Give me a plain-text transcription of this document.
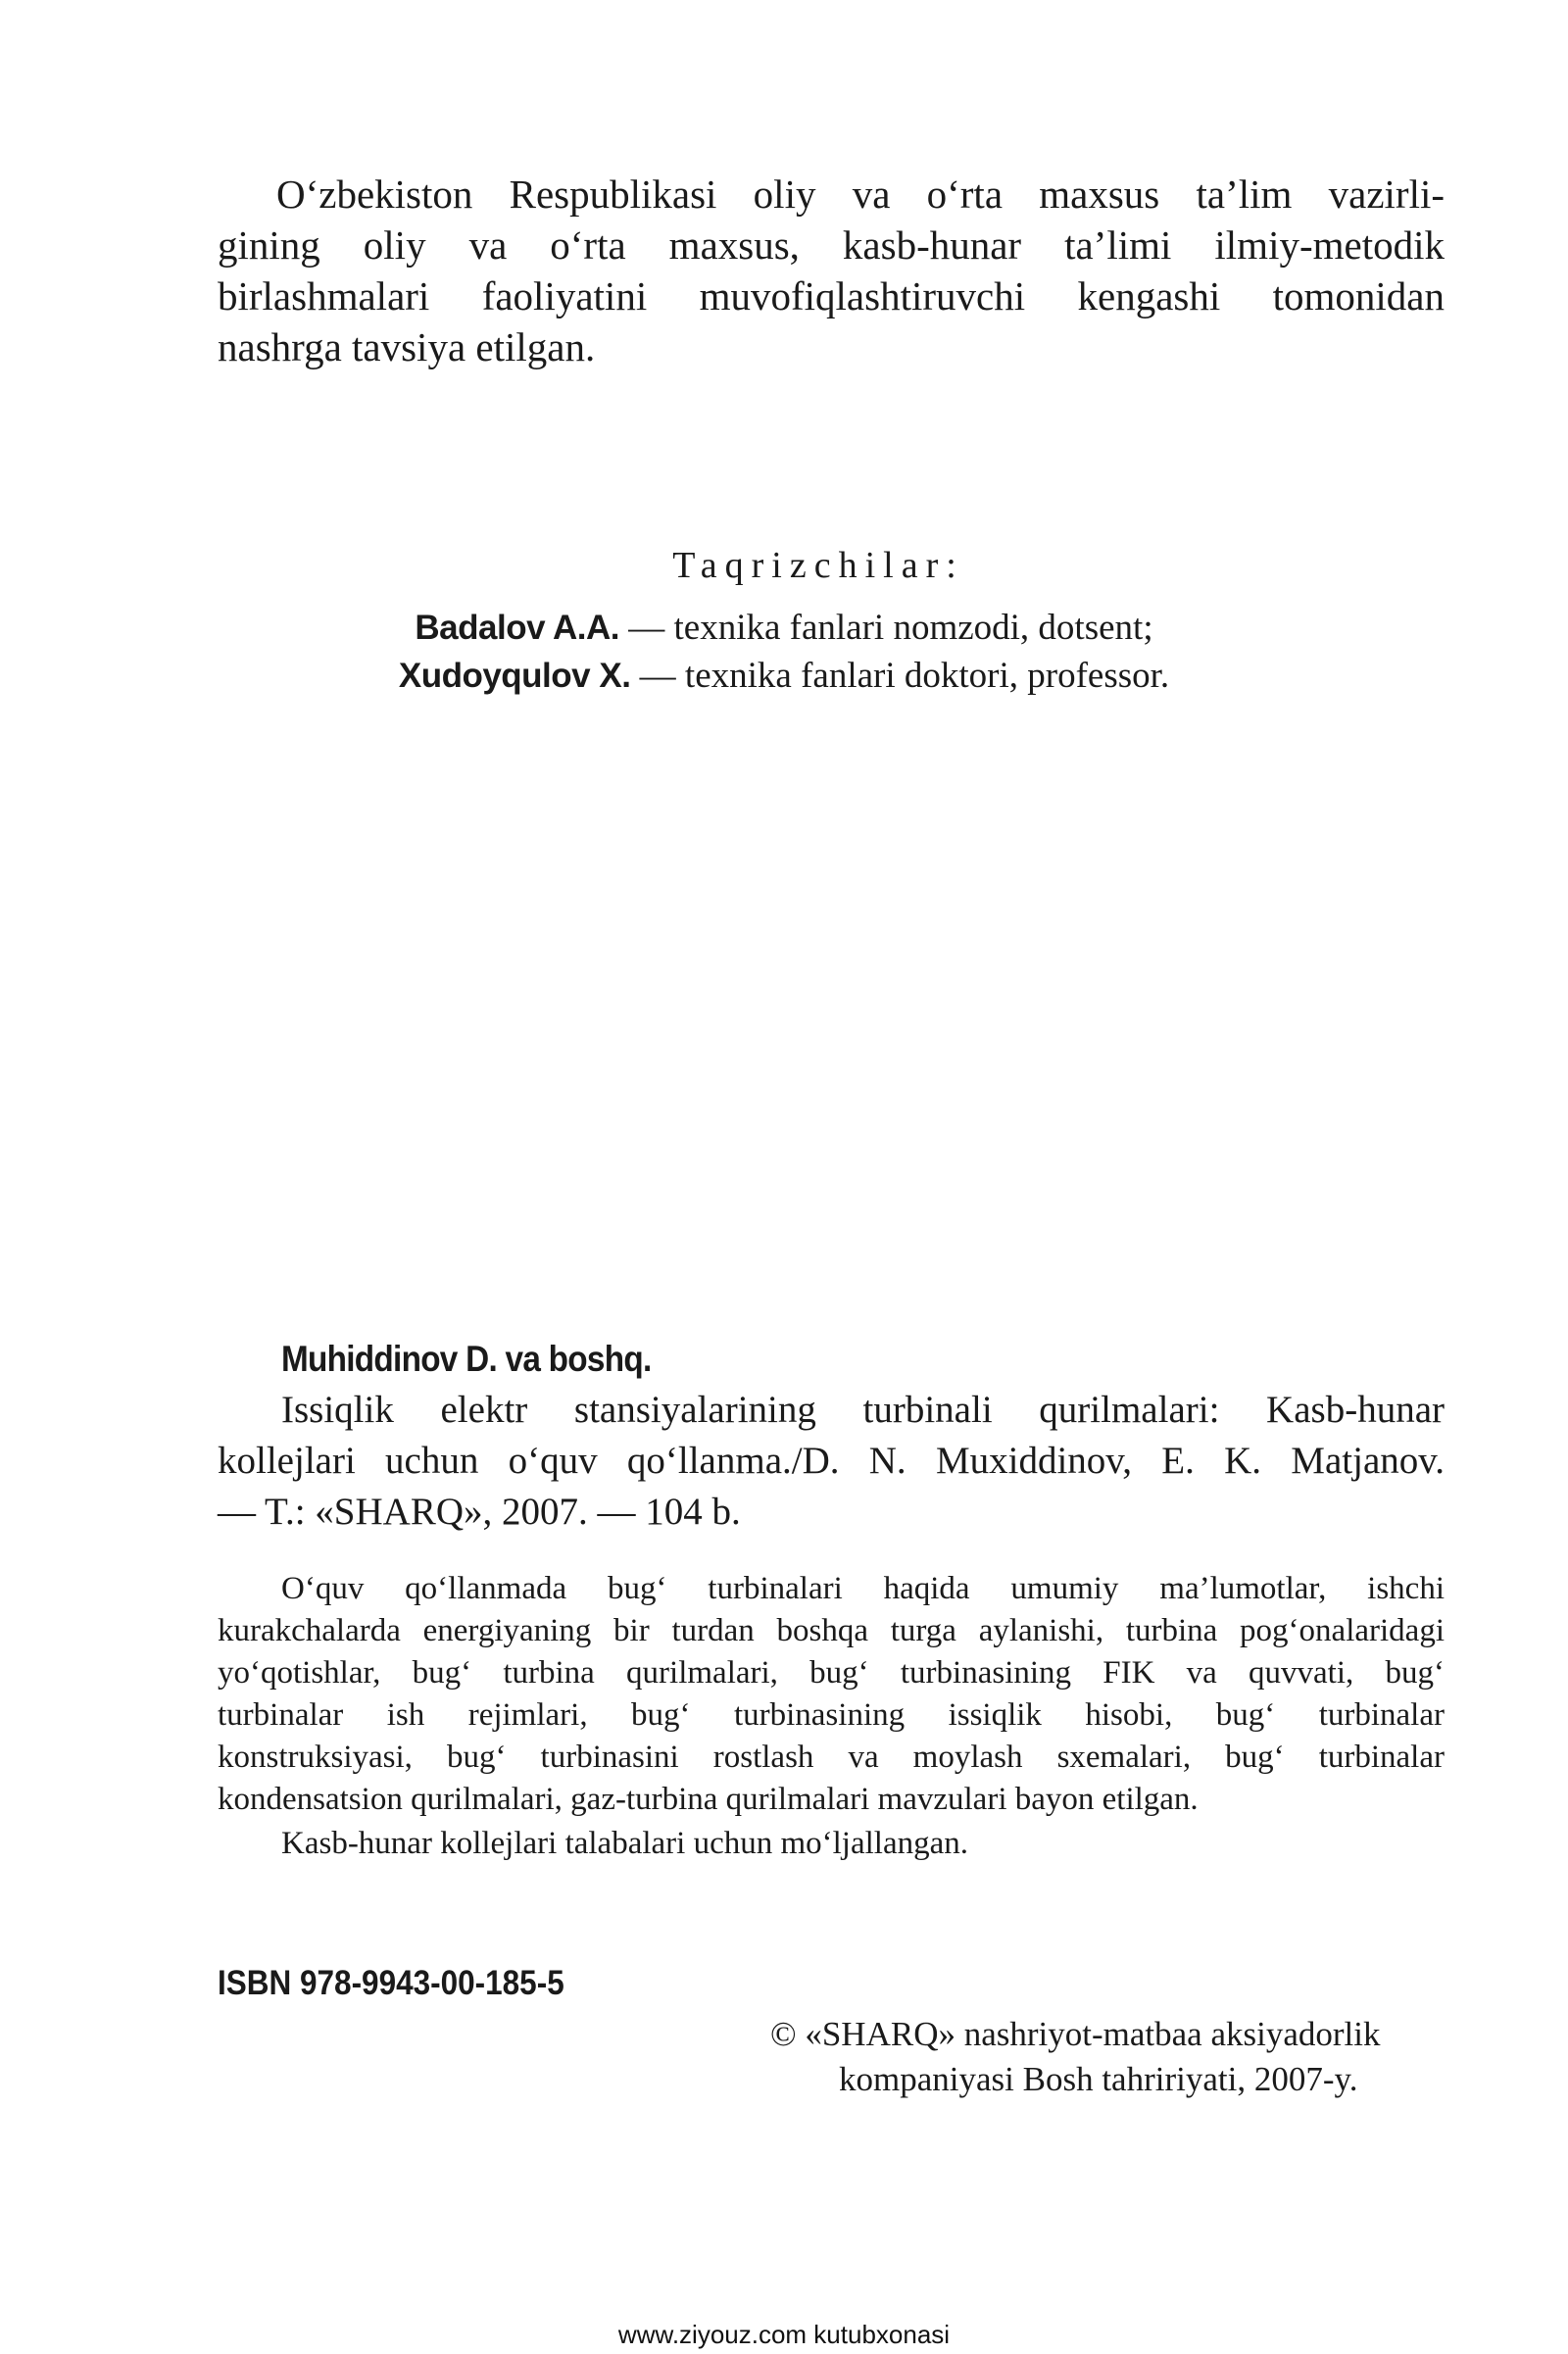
O‘zbekiston Respublikasi oliy va o‘rta maxsus ta’lim vazirli-
gining oliy va o‘rta maxsus, kasb-hunar ta’limi ilmiy-metodik
birlashmalari faoliyatini muvofiqlashtiruvchi kengashi tomonidan
nashrga tavsiya etilgan.
Taqrizchilar:
Badalov A.A. — texnika fanlari nomzodi, dotsent;
Xudoyqulov X. — texnika fanlari doktori, professor.
Muhiddinov D. va boshq.
Issiqlik elektr stansiyalarining turbinali qurilmalari: Kasb-hunar
kollejlari uchun o‘quv qo‘llanma./D. N. Muxiddinov, E. K. Matjanov.
— T.: «SHARQ», 2007. — 104 b.
O‘quv qo‘llanmada bug‘ turbinalari haqida umumiy ma’lumotlar, ishchi
kurakchalarda energiyaning bir turdan boshqa turga aylanishi, turbina pog‘onalaridagi
yo‘qotishlar, bug‘ turbina qurilmalari, bug‘ turbinasining FIK va quvvati, bug‘
turbinalar ish rejimlari, bug‘ turbinasining issiqlik hisobi, bug‘ turbinalar
konstruksiyasi, bug‘ turbinasini rostlash va moylash sxemalari, bug‘ turbinalar
kondensatsion qurilmalari, gaz-turbina qurilmalari mavzulari bayon etilgan.
Kasb-hunar kollejlari talabalari uchun mo‘ljallangan.
ISBN 978-9943-00-185-5
© «SHARQ» nashriyot-matbaa aksiyadorlik
kompaniyasi Bosh tahririyati, 2007-y.
www.ziyouz.com kutubxonasi
